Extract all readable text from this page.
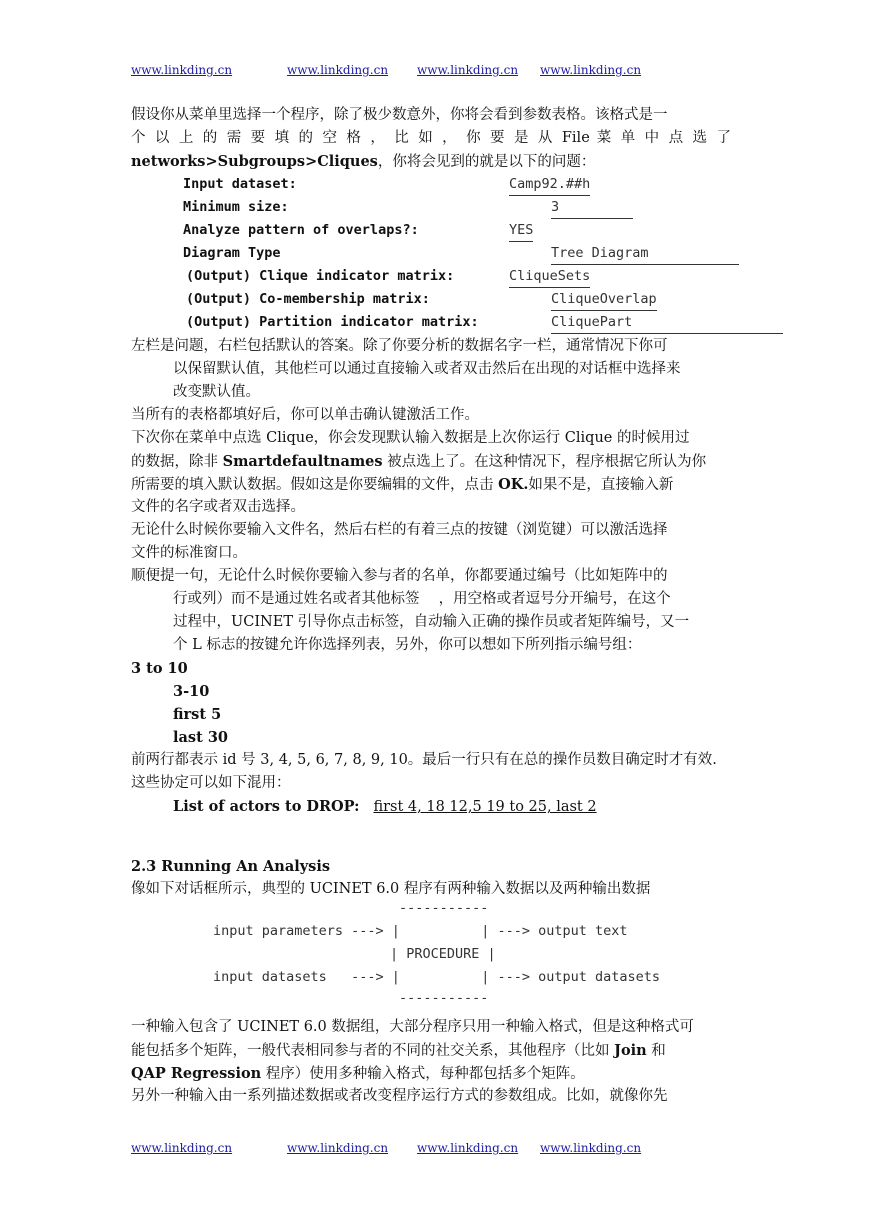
www.linkding.cn	www.linkding.cn www.linkding.cn www.linkding.cn
假设你从菜单里选择一个程序，除了极少数意外，你将会看到参数表格。该格式是一
个 以 上 的 需 要 填 的 空 格 ， 比 如 ， 你 要 是 从 File 菜 单 中 点 选 了
networks>Subgroups>Cliques，你将会见到的就是以下的问题：
Input dataset:	Camp92.##h
Minimum size:	3
Analyze pattern of overlaps?:	YES
Diagram Type	Tree Diagram
(Output) Clique indicator matrix:	CliqueSets
(Output) Co-membership matrix:	CliqueOverlap
(Output) Partition indicator matrix:	CliquePart
左栏是问题，右栏包括默认的答案。除了你要分析的数据名字一栏，通常情况下你可
以保留默认值，其他栏可以通过直接输入或者双击然后在出现的对话框中选择来
改变默认值。
当所有的表格都填好后，你可以单击确认键激活工作。
下次你在菜单中点选 Clique，你会发现默认输入数据是上次你运行 Clique 的时候用过
的数据，除非 Smartdefaultnames 被点选上了。在这种情况下，程序根据它所认为你
所需要的填入默认数据。假如这是你要编辑的文件，点击 OK.如果不是，直接输入新
文件的名字或者双击选择。
无论什么时候你要输入文件名，然后右栏的有着三点的按键（浏览键）可以激活选择
文件的标准窗口。
顺便提一句，无论什么时候你要输入参与者的名单，你都要通过编号（比如矩阵中的
行或列）而不是通过姓名或者其他标签 　，用空格或者逗号分开编号，在这个
过程中，UCINET 引导你点击标签，自动输入正确的操作员或者矩阵编号，又一
个 L 标志的按键允许你选择列表，另外，你可以想如下所列指示编号组：
3 to 10
3-10
first 5
last 30
前两行都表示 id 号 3, 4, 5, 6, 7, 8, 9, 10。最后一行只有在总的操作员数目确定时才有效.
这些协定可以如下混用：
List of actors to DROP: first 4, 18 12,5 19 to 25, last 2
2.3 Running An Analysis
像如下对话框所示，典型的 UCINET 6.0 程序有两种输入数据以及两种输出数据
-----------
input parameters ---> |          | ---> output text
| PROCEDURE |
input datasets   ---> |          | ---> output datasets
-----------
一种输入包含了 UCINET 6.0 数据组，大部分程序只用一种输入格式，但是这种格式可
能包括多个矩阵，一般代表相同参与者的不同的社交关系，其他程序（比如 Join 和
QAP Regression 程序）使用多种输入格式，每种都包括多个矩阵。
另外一种输入由一系列描述数据或者改变程序运行方式的参数组成。比如，就像你先
www.linkding.cn	www.linkding.cn www.linkding.cn www.linkding.cn
